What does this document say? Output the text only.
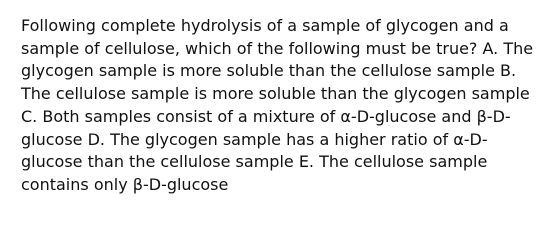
Following complete hydrolysis of a sample of glycogen and a
sample of cellulose, which of the following must be true? A. The
glycogen sample is more soluble than the cellulose sample B.
The cellulose sample is more soluble than the glycogen sample
C. Both samples consist of a mixture of α-D-glucose and β-D-
glucose D. The glycogen sample has a higher ratio of α-D-
glucose than the cellulose sample E. The cellulose sample
contains only β-D-glucose
